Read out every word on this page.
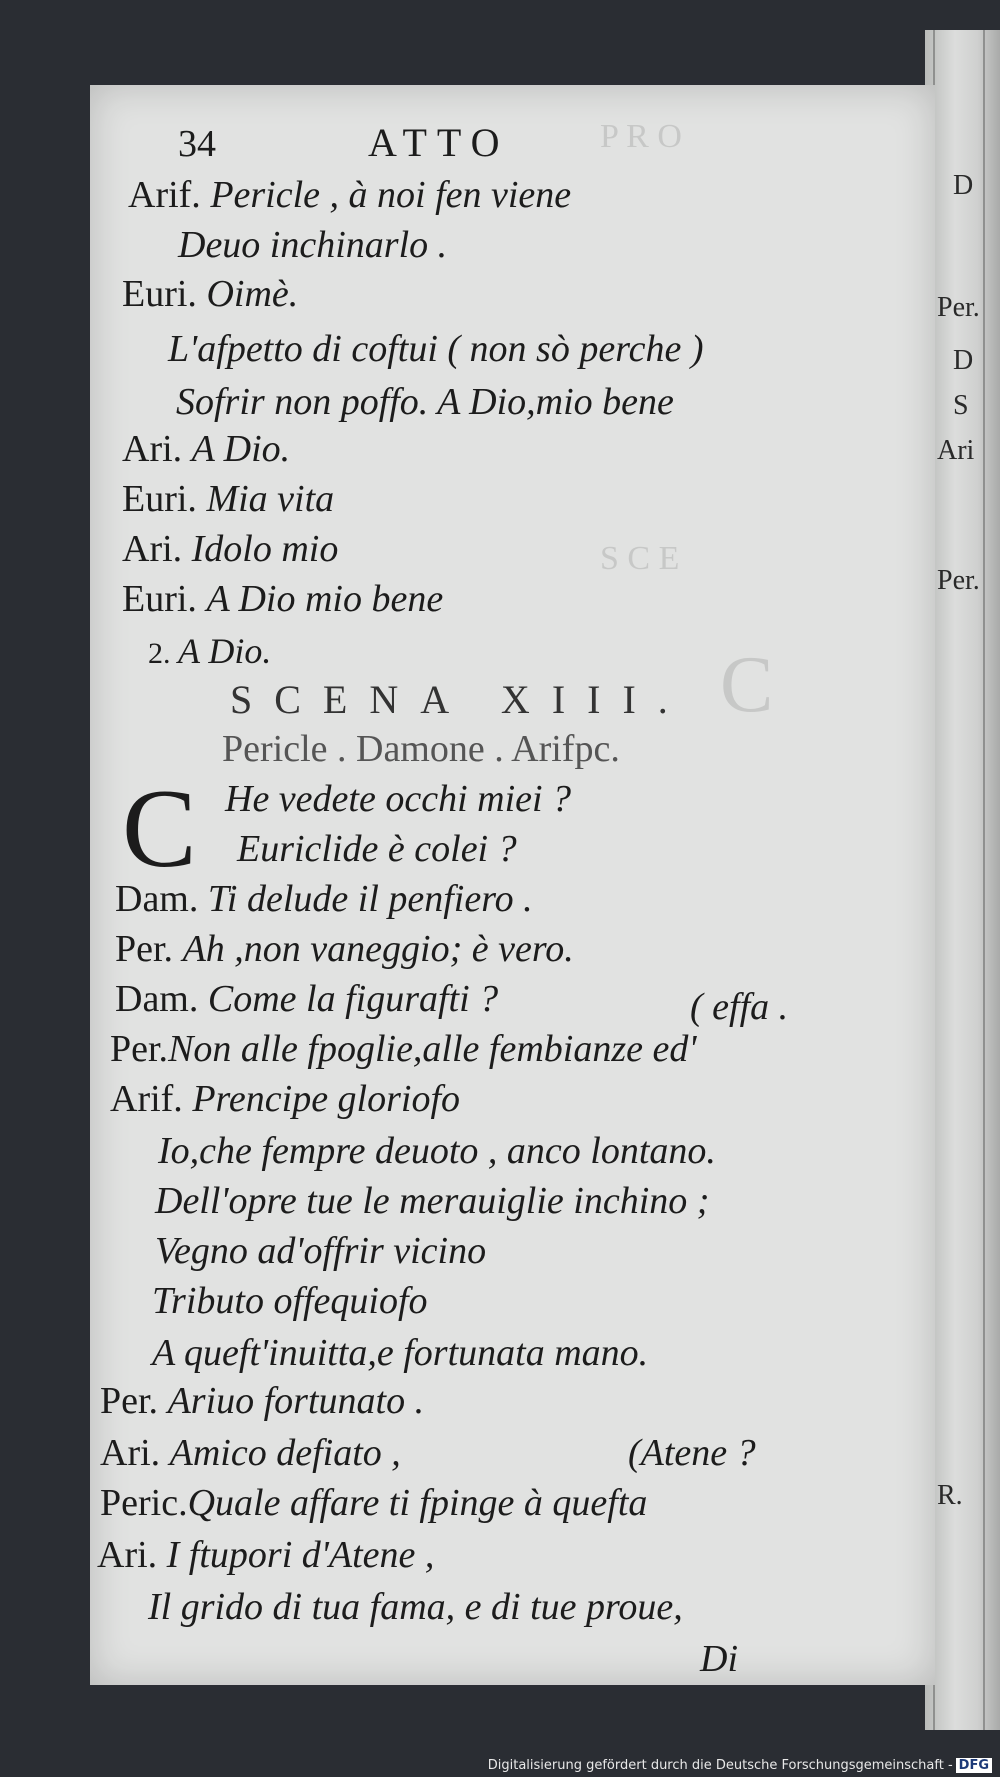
D
Per.
D
S
Ari
Per.
R.
P R O
S C E
C
34	ATTO
Arif. Pericle , à noi fen viene
Deuo inchinarlo .
Euri. Oimè.
L'afpetto di coftui ( non sò perche )
Sofrir non poffo. A Dio,mio bene
Ari. A Dio.
Euri. Mia vita
Ari. Idolo mio
Euri. A Dio mio bene
2. A Dio.
SCENA XIII.
Pericle . Damone . Arifpc.
C He vedete occhi miei ?
Euriclide è colei ?
Dam. Ti delude il penfiero .
Per. Ah ,non vaneggio; è vero.
Dam. Come la figurafti ?	( effa .
Per.Non alle fpoglie,alle fembianze ed'
Arif. Prencipe gloriofo
Io,che fempre deuoto , anco lontano.
Dell'opre tue le merauiglie inchino ;
Vegno ad'offrir vicino
Tributo offequiofo
A queft'inuitta,e fortunata mano.
Per. Ariuo fortunato .
Ari. Amico defiato ,	(Atene ?
Peric.Quale affare ti fpinge à quefta
Ari. I ftupori d'Atene ,
Il grido di tua fama, e di tue proue,
Di
Digitalisierung gefördert durch die Deutsche Forschungsgemeinschaft - DFG
